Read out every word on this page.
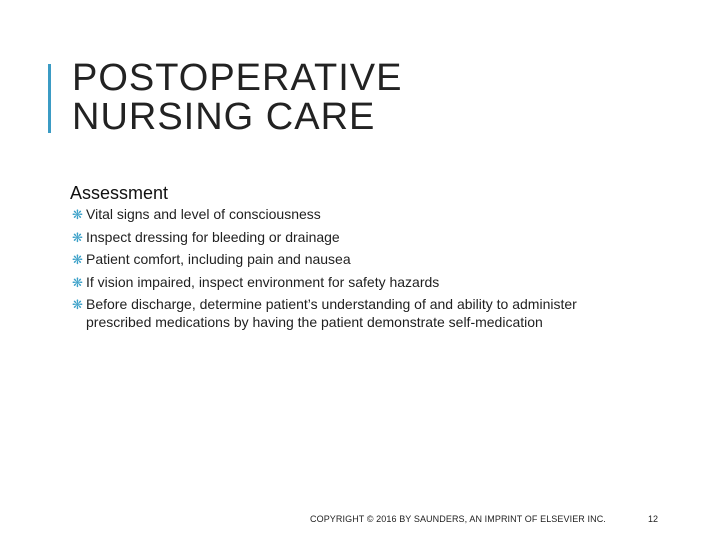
POSTOPERATIVE
NURSING CARE
Assessment
❋ Vital signs and level of consciousness
❋ Inspect dressing for bleeding or drainage
❋ Patient comfort, including pain and nausea
❋ If vision impaired, inspect environment for safety hazards
❋ Before discharge, determine patient’s understanding of and ability to administer prescribed medications by having the patient demonstrate self-medication
COPYRIGHT © 2016 BY SAUNDERS, AN IMPRINT OF ELSEVIER INC.	12
